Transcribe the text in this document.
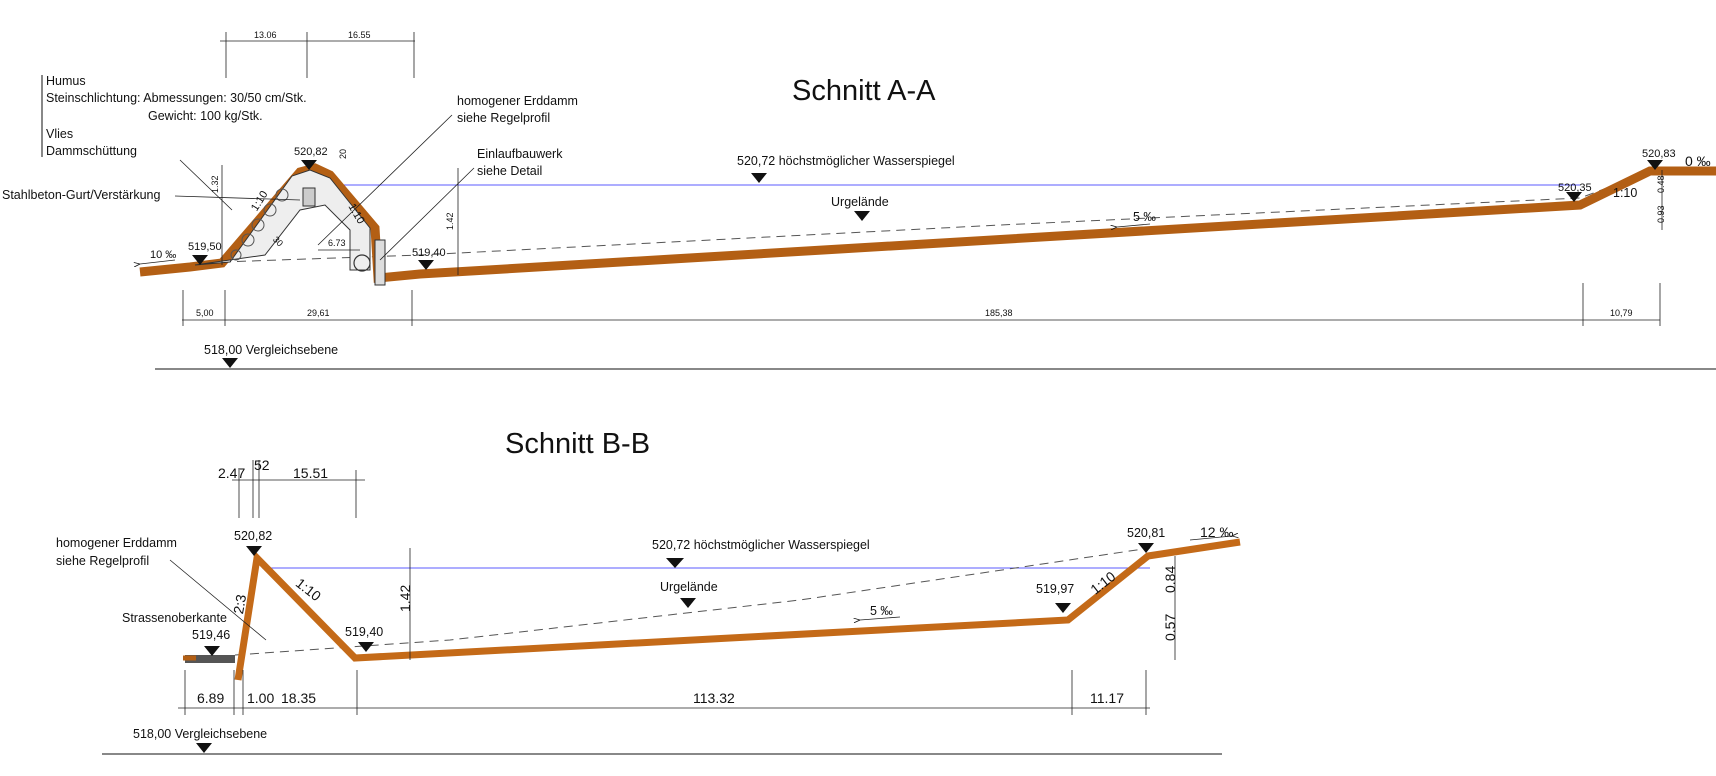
Schnitt A-A
518,00 Vergleichsebene
520,72 höchstmöglicher Wasserspiegel
Urgelände
520,82
519,50	519,40
520,35
520,83
10 ‰
0 ‰
5 ‰
1:10
1:10
1:10
13.06	16.55
1.32
1.42
20
30	6.73
0.48
0.93
5,00	29,61	185,38	10,79
Humus
Steinschlichtung: Abmessungen: 30/50 cm/Stk.
Gewicht: 100 kg/Stk.
Vlies
Dammschüttung
Stahlbeton-Gurt/Verstärkung
homogener Erddamm
siehe Regelprofil
Einlaufbauwerk
siehe Detail
Schnitt B-B
518,00 Vergleichsebene
520,72 höchstmöglicher Wasserspiegel
Urgelände
520,82
519,46	519,40
519,97
520,81
5 ‰
12 ‰
1:10
2:3
1:10
2.47 52 15.51
1.42
0.84
0.57
6.89 1.00 18.35	113.32	11.17
homogener Erddamm
siehe Regelprofil
Strassenoberkante
